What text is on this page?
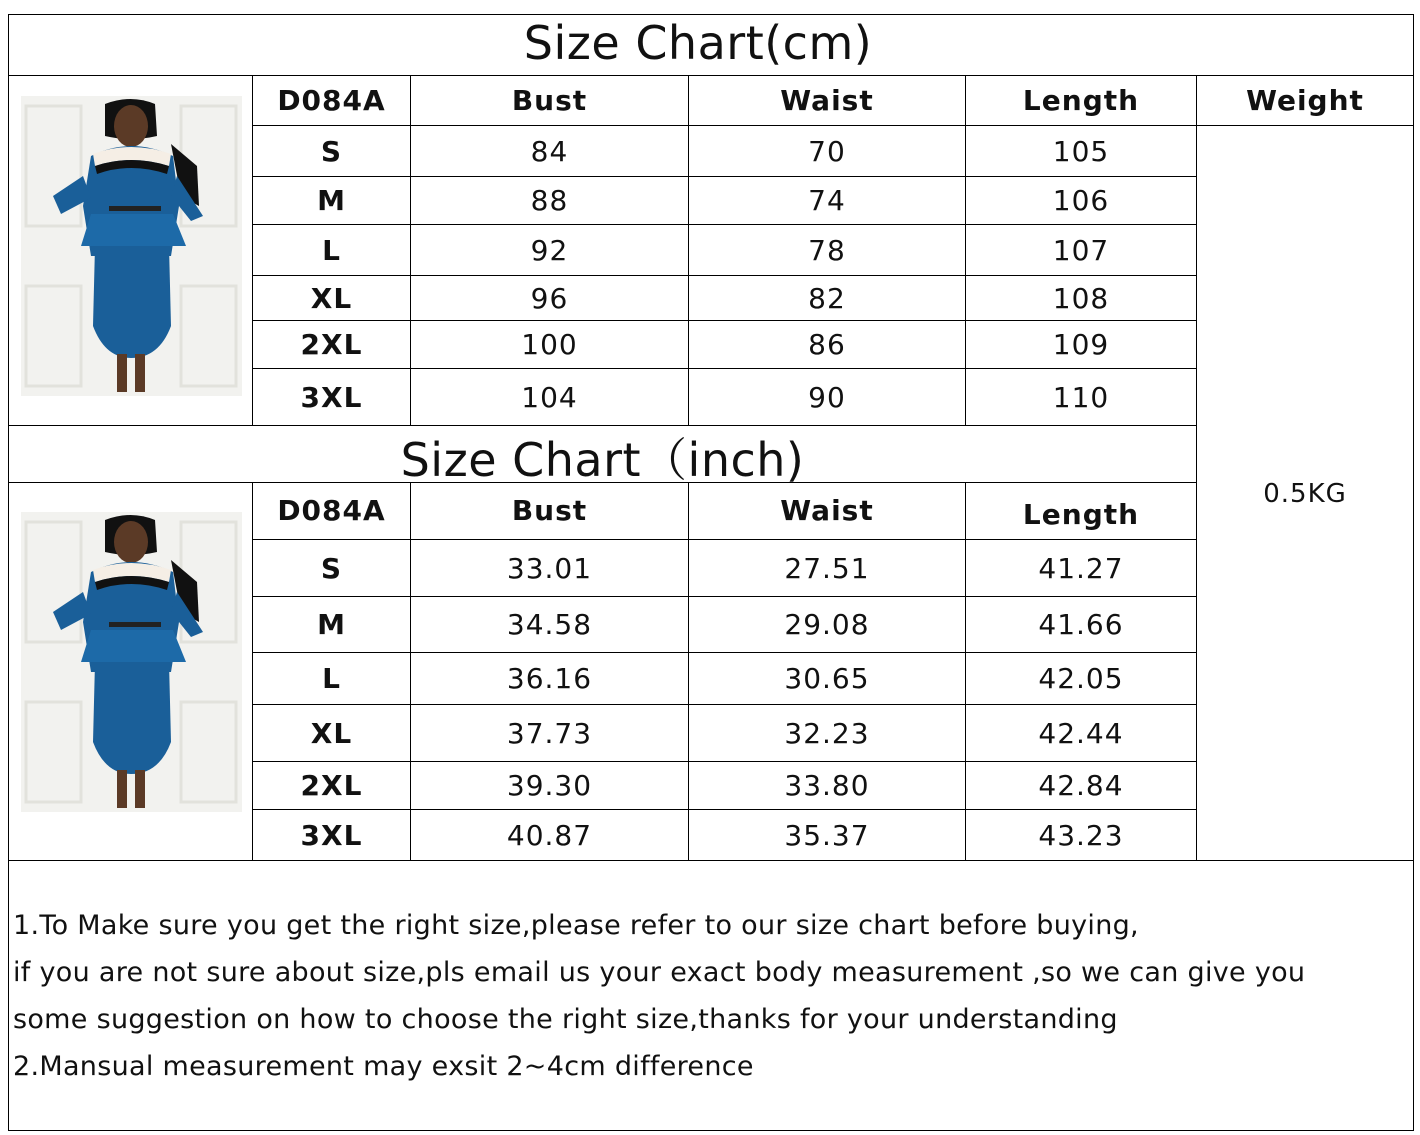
Size Chart(cm)
Size Chart（inch)
D084A	Bust	Waist	Length	Weight
S	84	70	105
M	88	74	106
L	92	78	107
XL	96	82	108
2XL	100	86	109
3XL	104	90	110
D084A	Bust	Waist	Length
S	33.01	27.51	41.27
M	34.58	29.08	41.66
L	36.16	30.65	42.05
XL	37.73	32.23	42.44
2XL	39.30	33.80	42.84
3XL	40.87	35.37	43.23
0.5KG
1.To Make sure you get the right size,please refer to our size chart before buying,
if you are not sure about size,pls email us your exact body measurement ,so we can give you
some suggestion on how to choose the right size,thanks for your understanding
2.Mansual measurement may exsit 2~4cm difference
